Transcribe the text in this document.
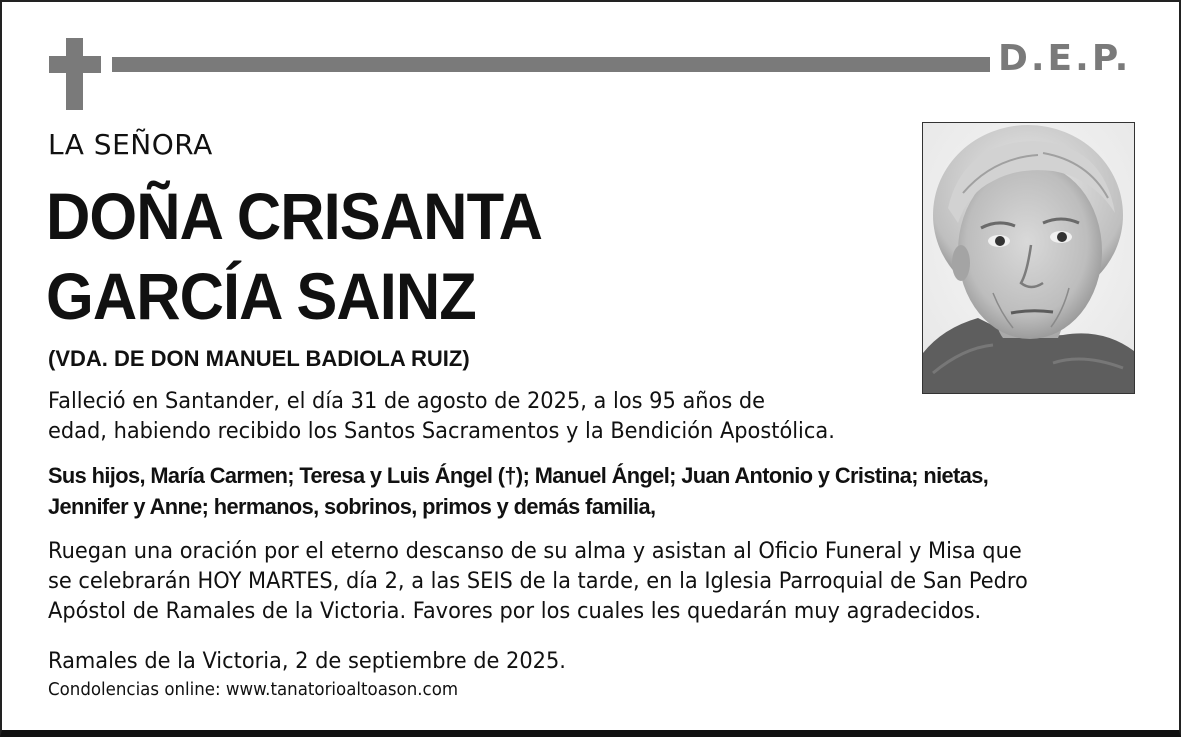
D.E.P.
LA SEÑORA
DOÑA CRISANTA
GARCÍA SAINZ
(VDA. DE DON MANUEL BADIOLA RUIZ)
Falleció en Santander, el día 31 de agosto de 2025, a los 95 años de
edad, habiendo recibido los Santos Sacramentos y la Bendición Apostólica.
Sus hijos, María Carmen; Teresa y Luis Ángel (†); Manuel Ángel; Juan Antonio y Cristina; nietas,
Jennifer y Anne; hermanos, sobrinos, primos y demás familia,
Ruegan una oración por el eterno descanso de su alma y asistan al Oficio Funeral y Misa que
se celebrarán HOY MARTES, día 2, a las SEIS de la tarde, en la Iglesia Parroquial de San Pedro
Apóstol de Ramales de la Victoria. Favores por los cuales les quedarán muy agradecidos.
Ramales de la Victoria, 2 de septiembre de 2025.
Condolencias online: www.tanatorioaltoason.com
